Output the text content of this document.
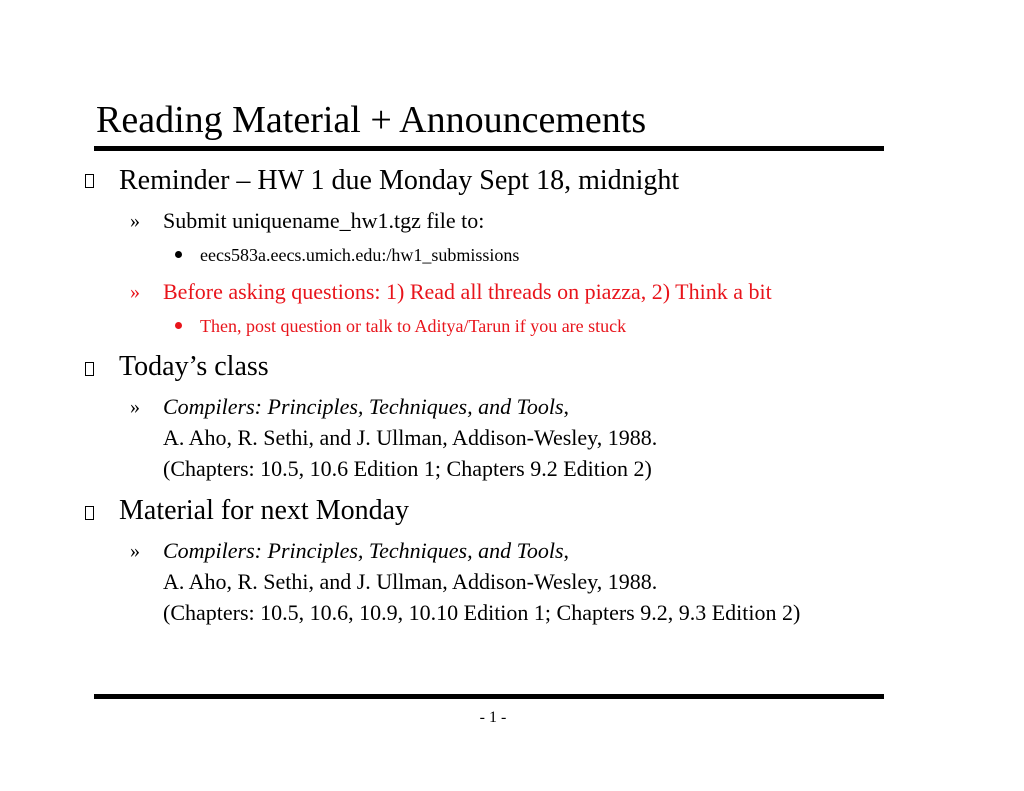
Reading Material + Announcements
Reminder – HW 1 due Monday Sept 18, midnight
» Submit uniquename_hw1.tgz file to:
eecs583a.eecs.umich.edu:/hw1_submissions
» Before asking questions: 1) Read all threads on piazza, 2) Think a bit
Then, post question or talk to Aditya/Tarun if you are stuck
Today’s class
» Compilers: Principles, Techniques, and Tools,
A. Aho, R. Sethi, and J. Ullman, Addison-Wesley, 1988.
(Chapters: 10.5, 10.6 Edition 1; Chapters 9.2 Edition 2)
Material for next Monday
» Compilers: Principles, Techniques, and Tools,
A. Aho, R. Sethi, and J. Ullman, Addison-Wesley, 1988.
(Chapters: 10.5, 10.6, 10.9, 10.10 Edition 1; Chapters 9.2, 9.3 Edition 2)
- 1 -
